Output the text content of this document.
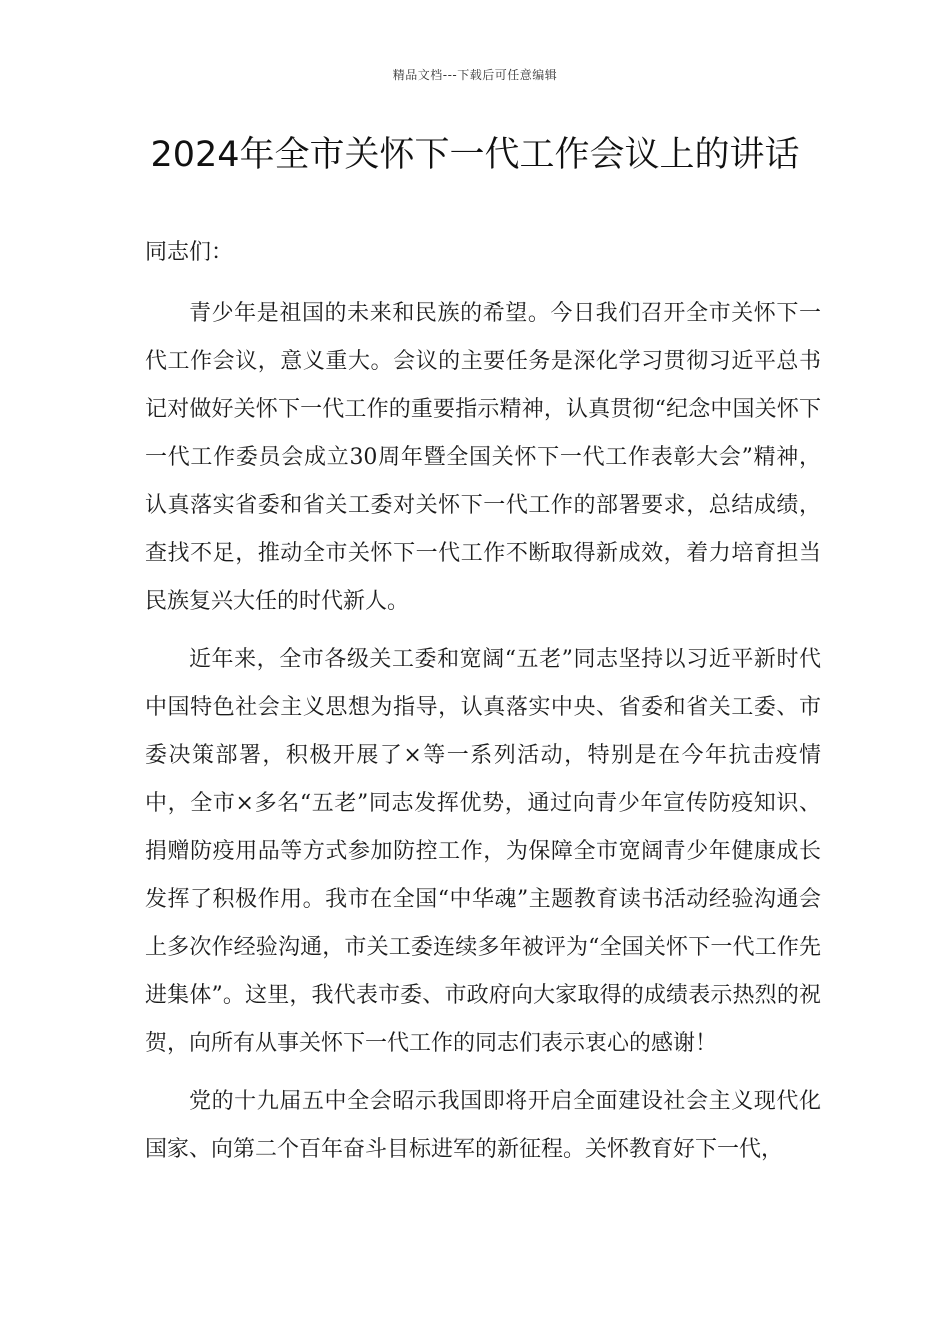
精品文档---下载后可任意编辑
2024年全市关怀下一代工作会议上的讲话

同志们：

青少年是祖国的未来和民族的希望。今日我们召开全市关怀下一代工作会议，意义重大。会议的主要任务是深化学习贯彻习近平总书记对做好关怀下一代工作的重要指示精神，认真贯彻“纪念中国关怀下一代工作委员会成立30周年暨全国关怀下一代工作表彰大会”精神，认真落实省委和省关工委对关怀下一代工作的部署要求，总结成绩，查找不足，推动全市关怀下一代工作不断取得新成效，着力培育担当民族复兴大任的时代新人。

近年来，全市各级关工委和宽阔“五老”同志坚持以习近平新时代中国特色社会主义思想为指导，认真落实中央、省委和省关工委、市委决策部署，积极开展了×等一系列活动，特别是在今年抗击疫情中，全市×多名“五老”同志发挥优势，通过向青少年宣传防疫知识、捐赠防疫用品等方式参加防控工作，为保障全市宽阔青少年健康成长发挥了积极作用。我市在全国“中华魂”主题教育读书活动经验沟通会上多次作经验沟通，市关工委连续多年被评为“全国关怀下一代工作先进集体”。这里，我代表市委、市政府向大家取得的成绩表示热烈的祝贺，向所有从事关怀下一代工作的同志们表示衷心的感谢！

党的十九届五中全会昭示我国即将开启全面建设社会主义现代化国家、向第二个百年奋斗目标进军的新征程。关怀教育好下一代，
